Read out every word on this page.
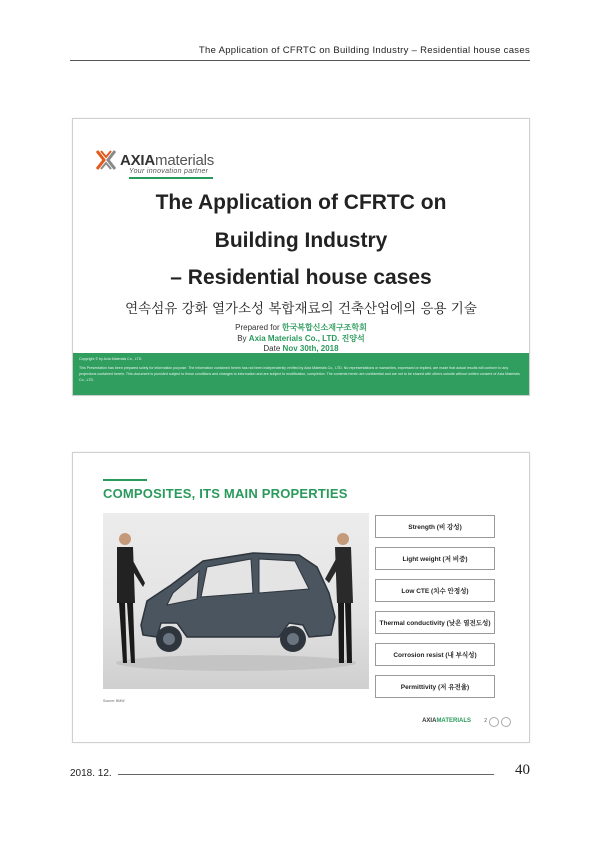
The Application of CFRTC on Building Industry – Residential house cases
AXIAmaterials
Your innovation partner
The Application of CFRTC on
Building Industry
– Residential house cases
연속섬유 강화 열가소성 복합재료의 건축산업에의 응용 기술
Prepared for 한국복합신소재구조학회
By Axia Materials Co., LTD. 진양석
Date Nov 30th, 2018
Copyright © by Axia Materials Co., LTD.
This Presentation has been prepared solely for information purpose. The information contained herein has not been independently verified by Axia Materials Co., LTD. No representations or warranties, expressed or implied, are made that actual results will conform to any projections contained herein. This document is provided subject to these conditions and changes to information and are subject to modification, completion. The contents herein are confidential and are not to be shared with others outside without written consent of Axia Materials Co., LTD.
COMPOSITES, ITS MAIN PROPERTIES
Source: BMW
Strength (비 강성)
Light weight (저 비중)
Low CTE (치수 안정성)
Thermal conductivity (낮은 열전도성)
Corrosion resist (내 부식성)
Permittivity (저 유전율)
AXIAMATERIALS	2
2018. 12.	40
